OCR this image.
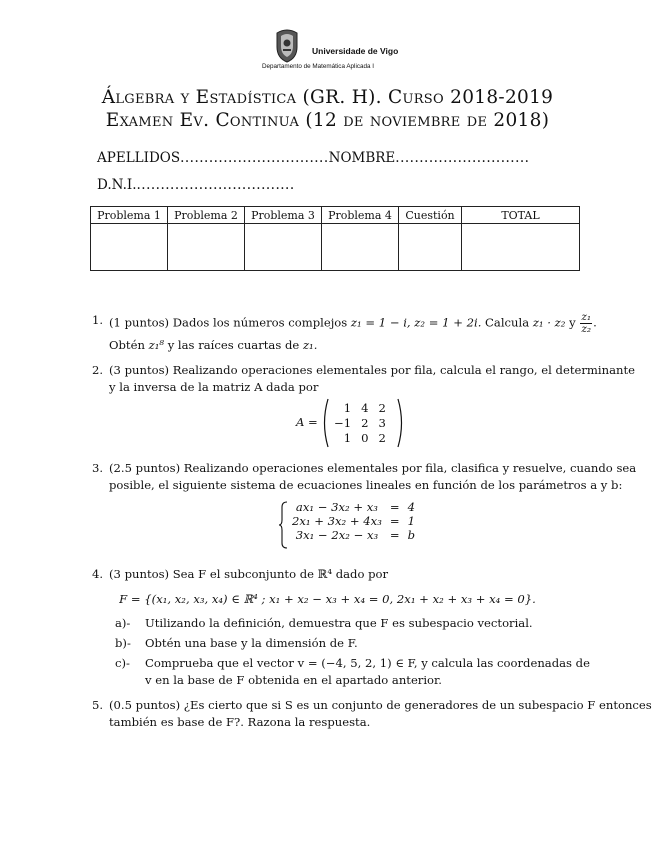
Universidade de Vigo
Departamento de Matemática Aplicada I
Álgebra y Estadística (GR. H). Curso 2018-2019
Examen Ev. Continua (12 de noviembre de 2018)
APELLIDOS...............................NOMBRE............................
D.N.I..................................
Problema 1	Problema 2	Problema 3	Problema 4	Cuestión	TOTAL

1. (1 puntos) Dados los números complejos z₁ = 1 − i, z₂ = 1 + 2i. Calcula z₁ · z₂ y $\frac{\text{z₁}}{\text{z₂}}$ .
Obtén z₁⁸ y las raíces cuartas de z₁.
2. (3 puntos) Realizando operaciones elementales por fila, calcula el rango, el determinante
y la inversa de la matriz A dada por
A =
1	4	2
−1	2	3
1	0	2
3. (2.5 puntos) Realizando operaciones elementales por fila, clasifica y resuelve, cuando sea
posible, el siguiente sistema de ecuaciones lineales en función de los parámetros a y b:
ax₁ − 3x₂ + x₃	=	4
2x₁ + 3x₂ + 4x₃	=	1
3x₁ − 2x₂ − x₃	=	b
4. (3 puntos) Sea F el subconjunto de ℝ⁴ dado por
F = {(x₁, x₂, x₃, x₄) ∈ ℝ⁴ ; x₁ + x₂ − x₃ + x₄ = 0, 2x₁ + x₂ + x₃ + x₄ = 0}.
a)- Utilizando la definición, demuestra que F es subespacio vectorial.
b)- Obtén una base y la dimensión de F.
c)- Comprueba que el vector v = (−4, 5, 2, 1) ∈ F, y calcula las coordenadas de v en la base de F obtenida en el apartado anterior.
5. (0.5 puntos) ¿Es cierto que si S es un conjunto de generadores de un subespacio F entonces
también es base de F?. Razona la respuesta.
